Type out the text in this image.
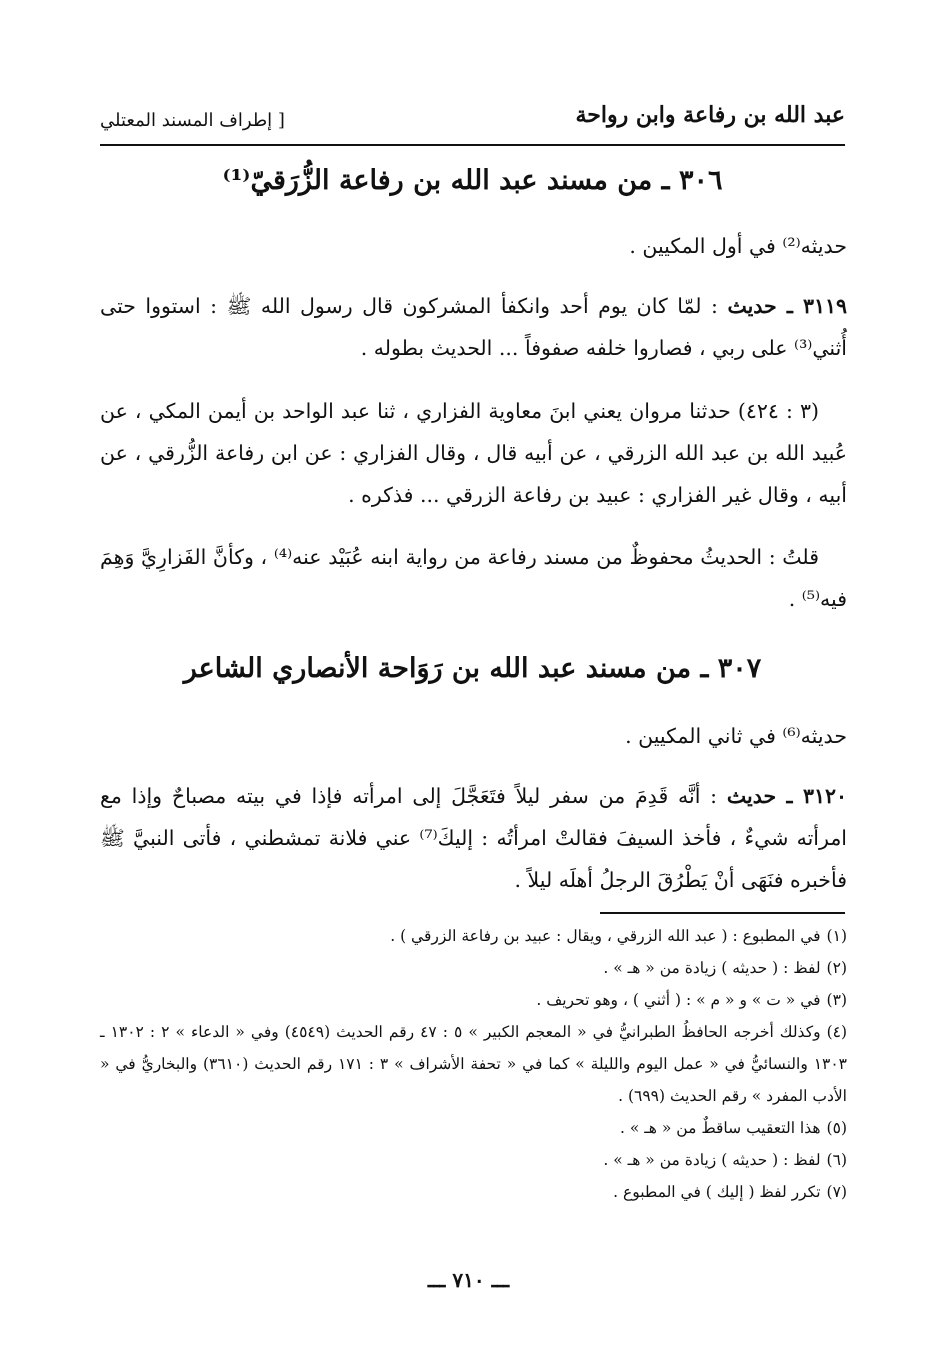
عبد الله بن رفاعة وابن رواحة
[ إطراف المسند المعتلي
٣٠٦ ـ من مسند عبد الله بن رفاعة الزُّرَقيّ⁽¹⁾
حديثه⁽²⁾ في أول المكيين .
٣١١٩ ـ حديث : لمّا كان يوم أحد وانكفأ المشركون قال رسول الله ﷺ : استووا حتى أُثني⁽³⁾ على ربي ، فصاروا خلفه صفوفاً ... الحديث بطوله .
(٣ : ٤٢٤) حدثنا مروان يعني ابنَ معاوية الفزاري ، ثنا عبد الواحد بن أيمن المكي ، عن عُبيد الله بن عبد الله الزرقي ، عن أبيه قال ، وقال الفزاري : عن ابن رفاعة الزُّرقي ، عن أبيه ، وقال غير الفزاري : عبيد بن رفاعة الزرقي ... فذكره .
قلتُ : الحديثُ محفوظٌ من مسند رفاعة من رواية ابنه عُبَيْد عنه⁽⁴⁾ ، وكأنَّ الفَزارِيَّ وَهِمَ فيه⁽⁵⁾ .
٣٠٧ ـ من مسند عبد الله بن رَوَاحة الأنصاري الشاعر
حديثه⁽⁶⁾ في ثاني المكيين .
٣١٢٠ ـ حديث : أنَّه قَدِمَ من سفر ليلاً فتَعَجَّلَ إلى امرأته فإذا في بيته مصباحٌ وإذا مع امرأته شيءٌ ، فأخذ السيفَ فقالتْ امرأتُه : إليكَ⁽⁷⁾ عني فلانة تمشطني ، فأتى النبيَّ ﷺ فأخبره فنَهَى أنْ يَطْرُقَ الرجلُ أهلَه ليلاً .
(١)في المطبوع : ( عبد الله الزرقي ، ويقال : عبيد بن رفاعة الزرقي ) .
(٢)لفظ : ( حديثه ) زيادة من « هـ » .
(٣)في « ت » و « م » : ( أثني ) ، وهو تحريف .
(٤)وكذلك أخرجه الحافظُ الطبرانيُّ في « المعجم الكبير » ٥ : ٤٧ رقم الحديث (٤٥٤٩) وفي « الدعاء » ٢ : ١٣٠٢ ـ ١٣٠٣ والنسائيُّ في « عمل اليوم والليلة » كما في « تحفة الأشراف » ٣ : ١٧١ رقم الحديث (٣٦١٠) والبخاريُّ في « الأدب المفرد » رقم الحديث (٦٩٩) .
(٥)هذا التعقيب ساقطٌ من « هـ » .
(٦)لفظ : ( حديثه ) زيادة من « هـ » .
(٧)تكرر لفظ ( إليك ) في المطبوع .
ـــ ٧١٠ ـــ
